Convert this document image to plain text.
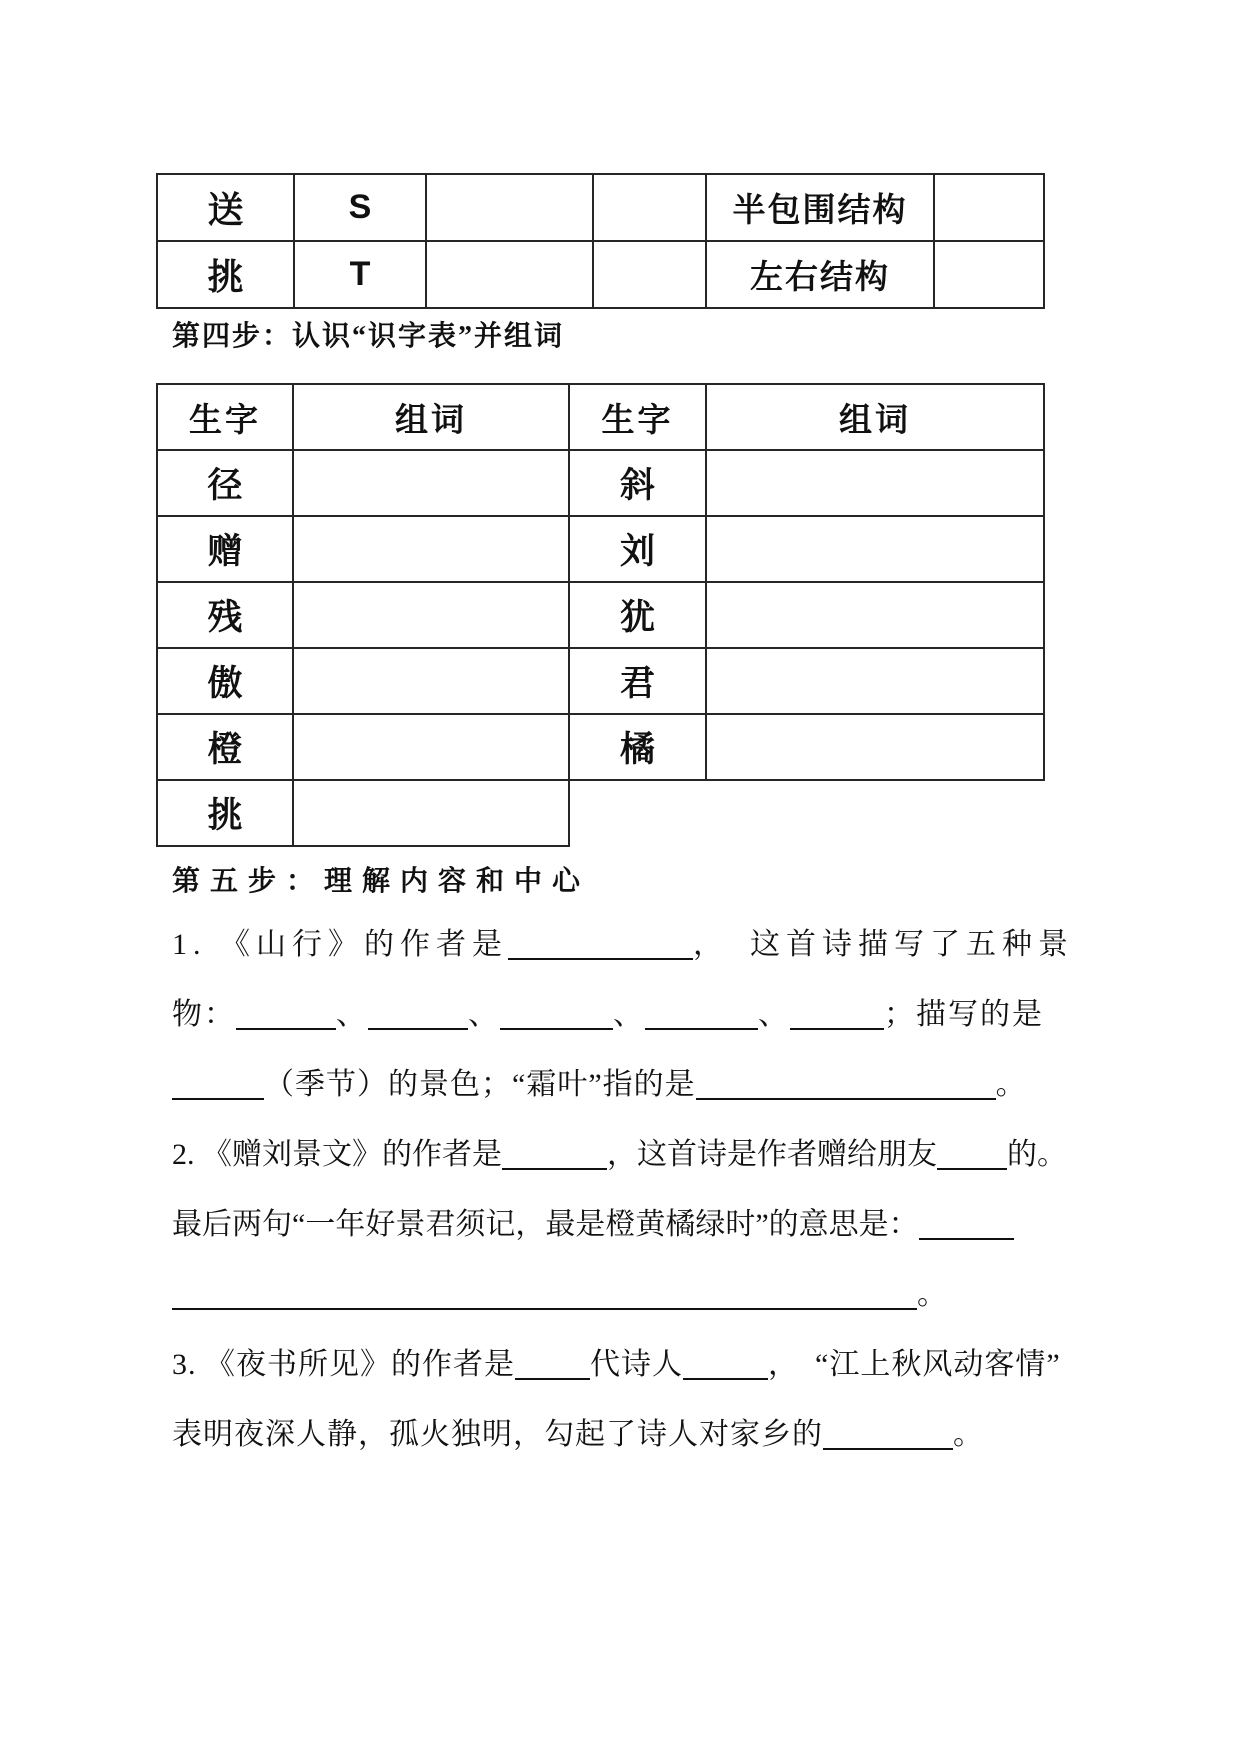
送	S			半包围结构	
挑	T			左右结构	
第四步：认识“识字表”并组词
生字	组词	生字	组词
径		斜	
赠		刘	
残		犹	
傲		君	
橙		橘	
挑			
第五步：理解内容和中心
1. 《山行》的作者是	，　这首诗描写了五种景
物：	、	、	、	、	；描写的是
（季节）的景色；“霜叶”指的是	。
2. 《赠刘景文》的作者是	，这首诗是作者赠给朋友 的。
最后两句“一年好景君须记，最是橙黄橘绿时”的意思是：
。
3. 《夜书所见》的作者是	代诗人	，　“江上秋风动客情”
表明夜深人静，孤火独明，勾起了诗人对家乡的	。
